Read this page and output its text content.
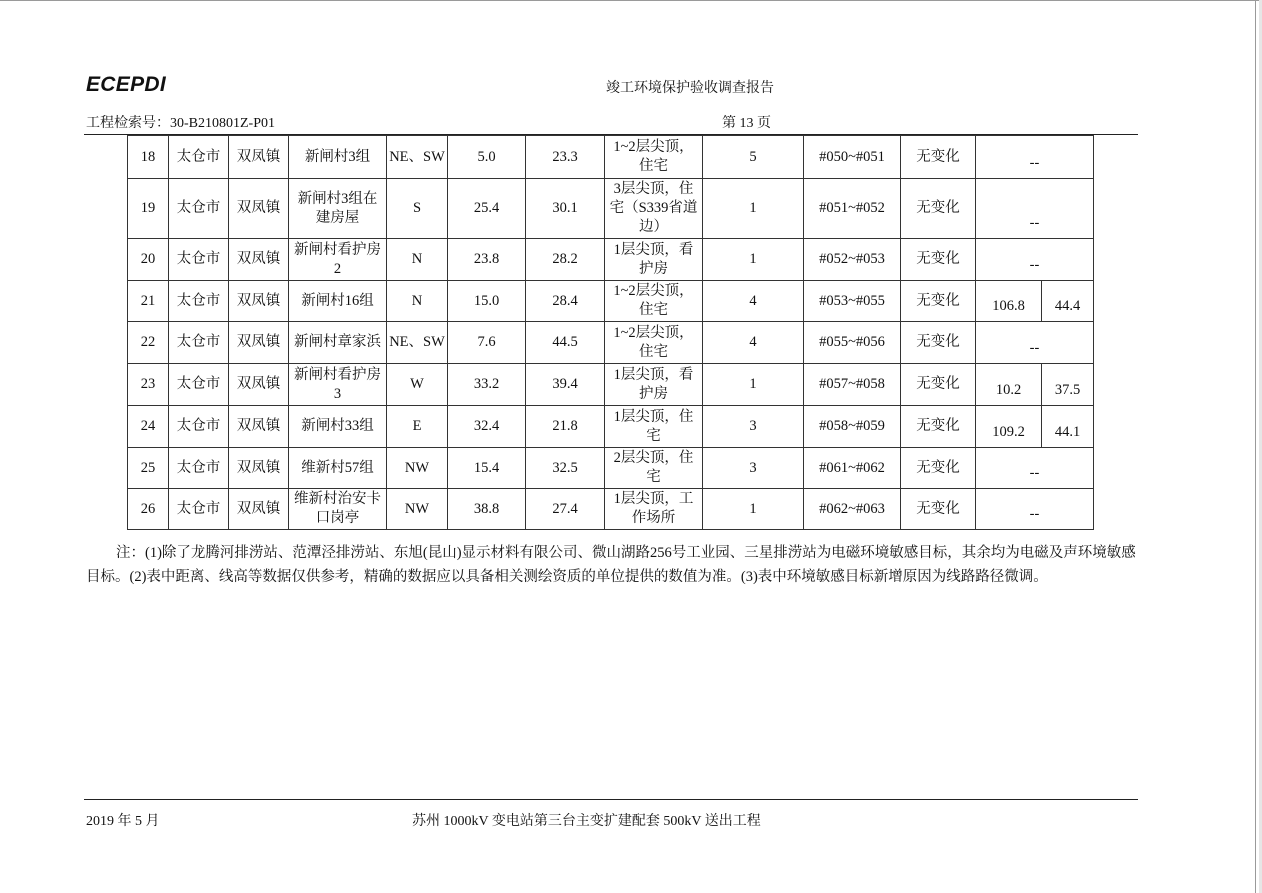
ECEPDI	竣工环境保护验收调查报告
工程检索号：30-B210801Z-P01	第 13 页
18	太仓市	双凤镇	新闸村3组	NE、SW	5.0	23.3	1~2层尖顶，住宅	5	#050~#051	无变化	--	
19	太仓市	双凤镇	新闸村3组在建房屋	S	25.4	30.1	3层尖顶，住宅（S339省道边）	1	#051~#052	无变化	--	
20	太仓市	双凤镇	新闸村看护房2	N	23.8	28.2	1层尖顶，看护房	1	#052~#053	无变化	--	
21	太仓市	双凤镇	新闸村16组	N	15.0	28.4	1~2层尖顶，住宅	4	#053~#055	无变化	106.8	44.4
22	太仓市	双凤镇	新闸村章家浜	NE、SW	7.6	44.5	1~2层尖顶，住宅	4	#055~#056	无变化	--	
23	太仓市	双凤镇	新闸村看护房3	W	33.2	39.4	1层尖顶，看护房	1	#057~#058	无变化	10.2	37.5
24	太仓市	双凤镇	新闸村33组	E	32.4	21.8	1层尖顶，住宅	3	#058~#059	无变化	109.2	44.1
25	太仓市	双凤镇	维新村57组	NW	15.4	32.5	2层尖顶，住宅	3	#061~#062	无变化	--	
26	太仓市	双凤镇	维新村治安卡口岗亭	NW	38.8	27.4	1层尖顶，工作场所	1	#062~#063	无变化	--	
注：(1)除了龙腾河排涝站、范潭泾排涝站、东旭(昆山)显示材料有限公司、微山湖路256号工业园、三星排涝站为电磁环境敏感目标，其余均为电磁及声环境敏感目标。(2)表中距离、线高等数据仅供参考，精确的数据应以具备相关测绘资质的单位提供的数值为准。(3)表中环境敏感目标新增原因为线路路径微调。
2019 年 5 月	苏州 1000kV 变电站第三台主变扩建配套 500kV 送出工程
